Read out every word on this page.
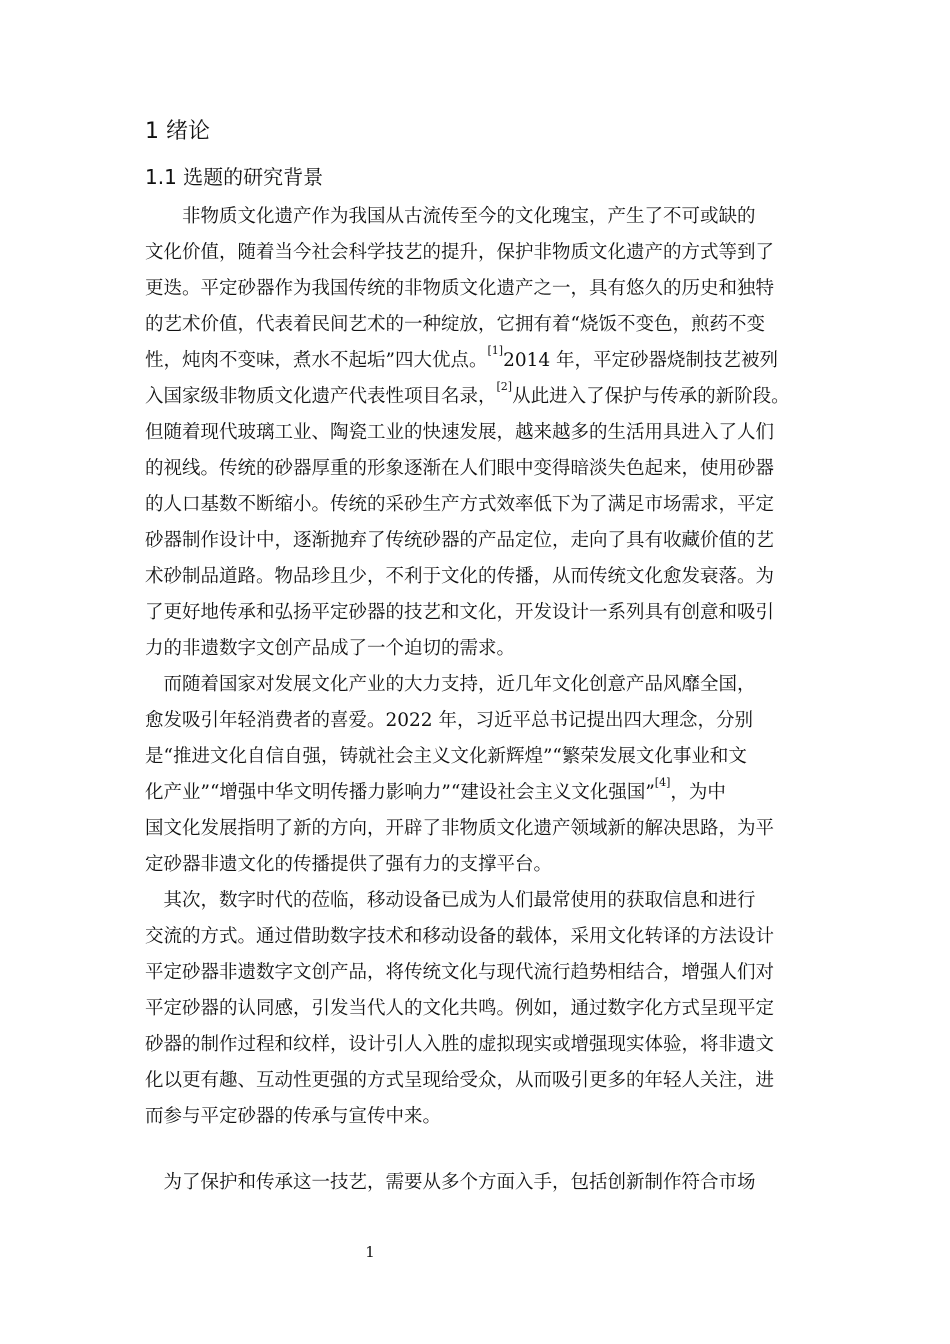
1 绪论
1.1 选题的研究背景

　　非物质文化遗产作为我国从古流传至今的文化瑰宝，产生了不可或缺的

文化价值，随着当今社会科学技艺的提升，保护非物质文化遗产的方式等到了

更迭。平定砂器作为我国传统的非物质文化遗产之一，具有悠久的历史和独特

的艺术价值，代表着民间艺术的一种绽放，它拥有着“烧饭不变色，煎药不变

性，炖肉不变味，煮水不起垢”四大优点。[1]2014 年，平定砂器烧制技艺被列

入国家级非物质文化遗产代表性项目名录，[2]从此进入了保护与传承的新阶段。

但随着现代玻璃工业、陶瓷工业的快速发展，越来越多的生活用具进入了人们

的视线。传统的砂器厚重的形象逐渐在人们眼中变得暗淡失色起来，使用砂器

的人口基数不断缩小。传统的采砂生产方式效率低下为了满足市场需求，平定

砂器制作设计中，逐渐抛弃了传统砂器的产品定位，走向了具有收藏价值的艺

术砂制品道路。物品珍且少，不利于文化的传播，从而传统文化愈发衰落。为

了更好地传承和弘扬平定砂器的技艺和文化，开发设计一系列具有创意和吸引

力的非遗数字文创产品成了一个迫切的需求。

　而随着国家对发展文化产业的大力支持，近几年文化创意产品风靡全国，

愈发吸引年轻消费者的喜爱。2022 年，习近平总书记提出四大理念，分别

是“推进文化自信自强，铸就社会主义文化新辉煌”“繁荣发展文化事业和文

化产业”“增强中华文明传播力影响力”“建设社会主义文化强国”[4]，为中

国文化发展指明了新的方向，开辟了非物质文化遗产领域新的解决思路，为平

定砂器非遗文化的传播提供了强有力的支撑平台。

　其次，数字时代的莅临，移动设备已成为人们最常使用的获取信息和进行

交流的方式。通过借助数字技术和移动设备的载体，采用文化转译的方法设计

平定砂器非遗数字文创产品，将传统文化与现代流行趋势相结合，增强人们对

平定砂器的认同感，引发当代人的文化共鸣。例如，通过数字化方式呈现平定

砂器的制作过程和纹样，设计引人入胜的虚拟现实或增强现实体验，将非遗文

化以更有趣、互动性更强的方式呈现给受众，从而吸引更多的年轻人关注，进

而参与平定砂器的传承与宣传中来。

　为了保护和传承这一技艺，需要从多个方面入手，包括创新制作符合市场

1
